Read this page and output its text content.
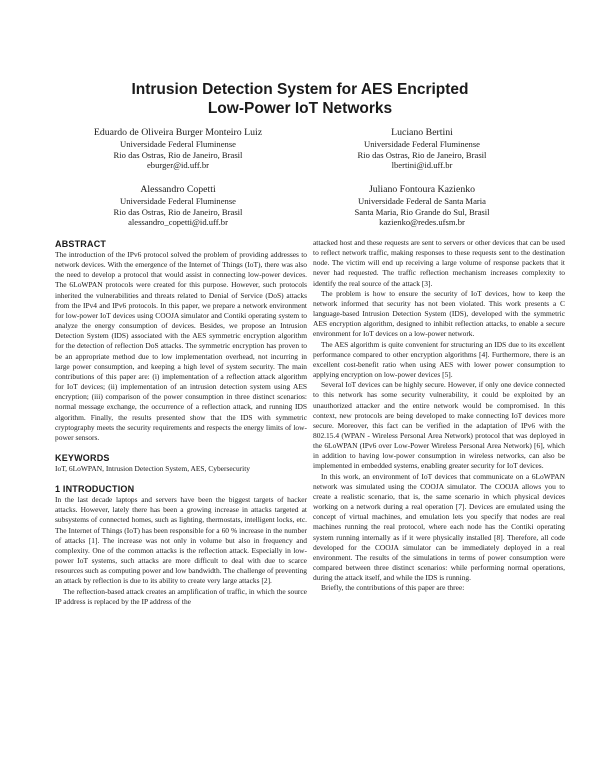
Intrusion Detection System for AES Encripted
Low-Power IoT Networks
Eduardo de Oliveira Burger Monteiro Luiz
Universidade Federal Fluminense
Rio das Ostras, Rio de Janeiro, Brasil
eburger@id.uff.br
Luciano Bertini
Universidade Federal Fluminense
Rio das Ostras, Rio de Janeiro, Brasil
lbertini@id.uff.br
Alessandro Copetti
Universidade Federal Fluminense
Rio das Ostras, Rio de Janeiro, Brasil
alessandro_copetti@id.uff.br
Juliano Fontoura Kazienko
Universidade Federal de Santa Maria
Santa Maria, Rio Grande do Sul, Brasil
kazienko@redes.ufsm.br
ABSTRACT

The introduction of the IPv6 protocol solved the problem of providing addresses to network devices. With the emergence of the Internet of Things (IoT), there was also the need to develop a protocol that would assist in connecting low-power devices. The 6LoWPAN protocols were created for this purpose. However, such protocols inherited the vulnerabilities and threats related to Denial of Service (DoS) attacks from the IPv4 and IPv6 protocols. In this paper, we prepare a network environment for low-power IoT devices using COOJA simulator and Contiki operating system to analyze the energy consumption of devices. Besides, we propose an Intrusion Detection System (IDS) associated with the AES symmetric encryption algorithm for the detection of reflection DoS attacks. The symmetric encryption has proven to be an appropriate method due to low implementation overhead, not incurring in large power consumption, and keeping a high level of system security. The main contributions of this paper are: (i) implementation of a reflection attack algorithm for IoT devices; (ii) implementation of an intrusion detection system using AES encryption; (iii) comparison of the power consumption in three distinct scenarios: normal message exchange, the occurrence of a reflection attack, and running IDS algorithm. Finally, the results presented show that the IDS with symmetric cryptography meets the security requirements and respects the energy limits of low-power sensors.

KEYWORDS

IoT, 6LoWPAN, Intrusion Detection System, AES, Cybersecurity

1 INTRODUCTION

In the last decade laptops and servers have been the biggest targets of hacker attacks. However, lately there has been a growing increase in attacks targeted at subsystems of connected homes, such as lighting, thermostats, intelligent locks, etc. The Internet of Things (IoT) has been responsible for a 60 % increase in the number of attacks [1]. The increase was not only in volume but also in frequency and complexity. One of the common attacks is the reflection attack. Especially in low-power IoT systems, such attacks are more difficult to deal with due to scarce resources such as computing power and low bandwidth. The challenge of preventing an attack by reflection is due to its ability to create very large attacks [2].

The reflection-based attack creates an amplification of traffic, in which the source IP address is replaced by the IP address of the

attacked host and these requests are sent to servers or other devices that can be used to reflect network traffic, making responses to these requests sent to the destination node. The victim will end up receiving a large volume of response packets that it never had requested. The traffic reflection mechanism increases complexity to identify the real source of the attack [3].

The problem is how to ensure the security of IoT devices, how to keep the network informed that security has not been violated. This work presents a C language-based Intrusion Detection System (IDS), developed with the symmetric AES encryption algorithm, designed to inhibit reflection attacks, to enable a secure environment for IoT devices on a low-power network.

The AES algorithm is quite convenient for structuring an IDS due to its excellent performance compared to other encryption algorithms [4]. Furthermore, there is an excellent cost-benefit ratio when using AES with lower power consumption to applying encryption on low-power devices [5].

Several IoT devices can be highly secure. However, if only one device connected to this network has some security vulnerability, it could be exploited by an unauthorized attacker and the entire network would be compromised. In this context, new protocols are being developed to make connecting IoT devices more secure. Moreover, this fact can be verified in the adaptation of IPv6 with the 802.15.4 (WPAN - Wireless Personal Area Network) protocol that was deployed in the 6LoWPAN (IPv6 over Low-Power Wireless Personal Area Network) [6], which in addition to having low-power consumption in wireless networks, can also be implemented in embedded systems, enabling greater security for IoT devices.

In this work, an environment of IoT devices that communicate on a 6LoWPAN network was simulated using the COOJA simulator. The COOJA allows you to create a realistic scenario, that is, the same scenario in which physical devices working on a network during a real operation [7]. Devices are emulated using the concept of virtual machines, and emulation lets you specify that nodes are real machines running the real protocol, where each node has the Contiki operating system running internally as if it were physically installed [8]. Therefore, all code developed for the COOJA simulator can be immediately deployed in a real environment. The results of the simulations in terms of power consumption were compared between three distinct scenarios: while performing normal operations, during the attack itself, and while the IDS is running.

Briefly, the contributions of this paper are three:
